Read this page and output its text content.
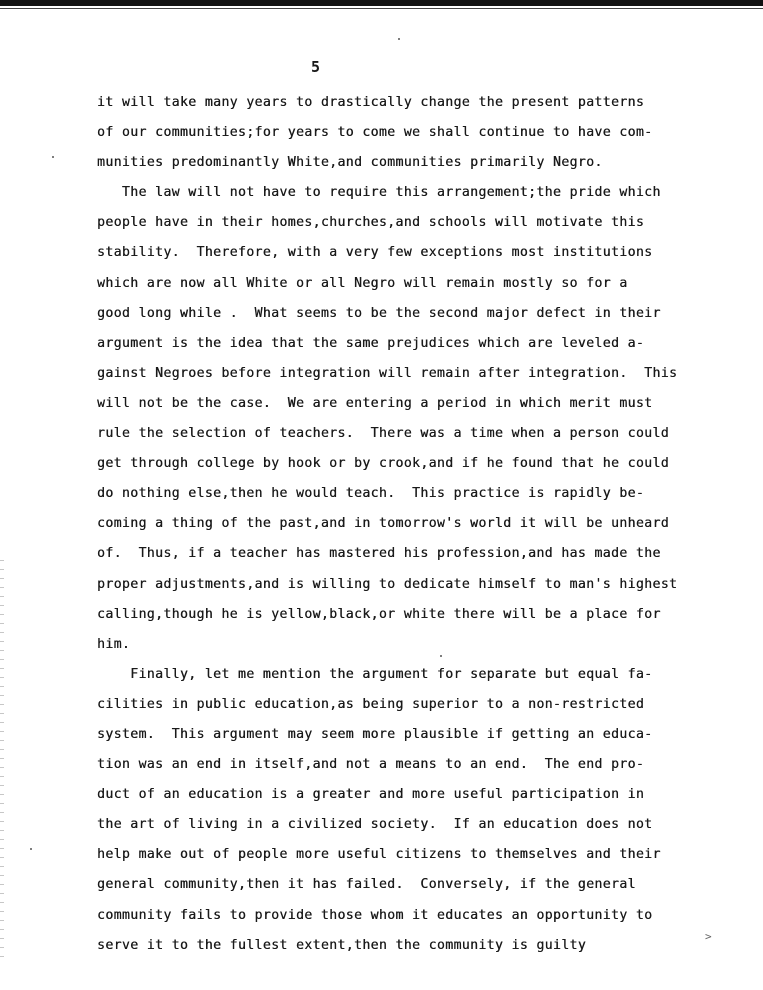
5
it will take many years to drastically change the present patterns
of our communities;for years to come we shall continue to have com-
munities predominantly White,and communities primarily Negro.
The law will not have to require this arrangement;the pride which
people have in their homes,churches,and schools will motivate this
stability.  Therefore, with a very few exceptions most institutions
which are now all White or all Negro will remain mostly so for a
good long while .  What seems to be the second major defect in their
argument is the idea that the same prejudices which are leveled a-
gainst Negroes before integration will remain after integration.  This
will not be the case.  We are entering a period in which merit must
rule the selection of teachers.  There was a time when a person could
get through college by hook or by crook,and if he found that he could
do nothing else,then he would teach.  This practice is rapidly be-
coming a thing of the past,and in tomorrow's world it will be unheard
of.  Thus, if a teacher has mastered his profession,and has made the
proper adjustments,and is willing to dedicate himself to man's highest
calling,though he is yellow,black,or white there will be a place for
him.
Finally, let me mention the argument for separate but equal fa-
cilities in public education,as being superior to a non-restricted
system.  This argument may seem more plausible if getting an educa-
tion was an end in itself,and not a means to an end.  The end pro-
duct of an education is a greater and more useful participation in
the art of living in a civilized society.  If an education does not
help make out of people more useful citizens to themselves and their
general community,then it has failed.  Conversely, if the general
community fails to provide those whom it educates an opportunity to
serve it to the fullest extent,then the community is guilty
>
